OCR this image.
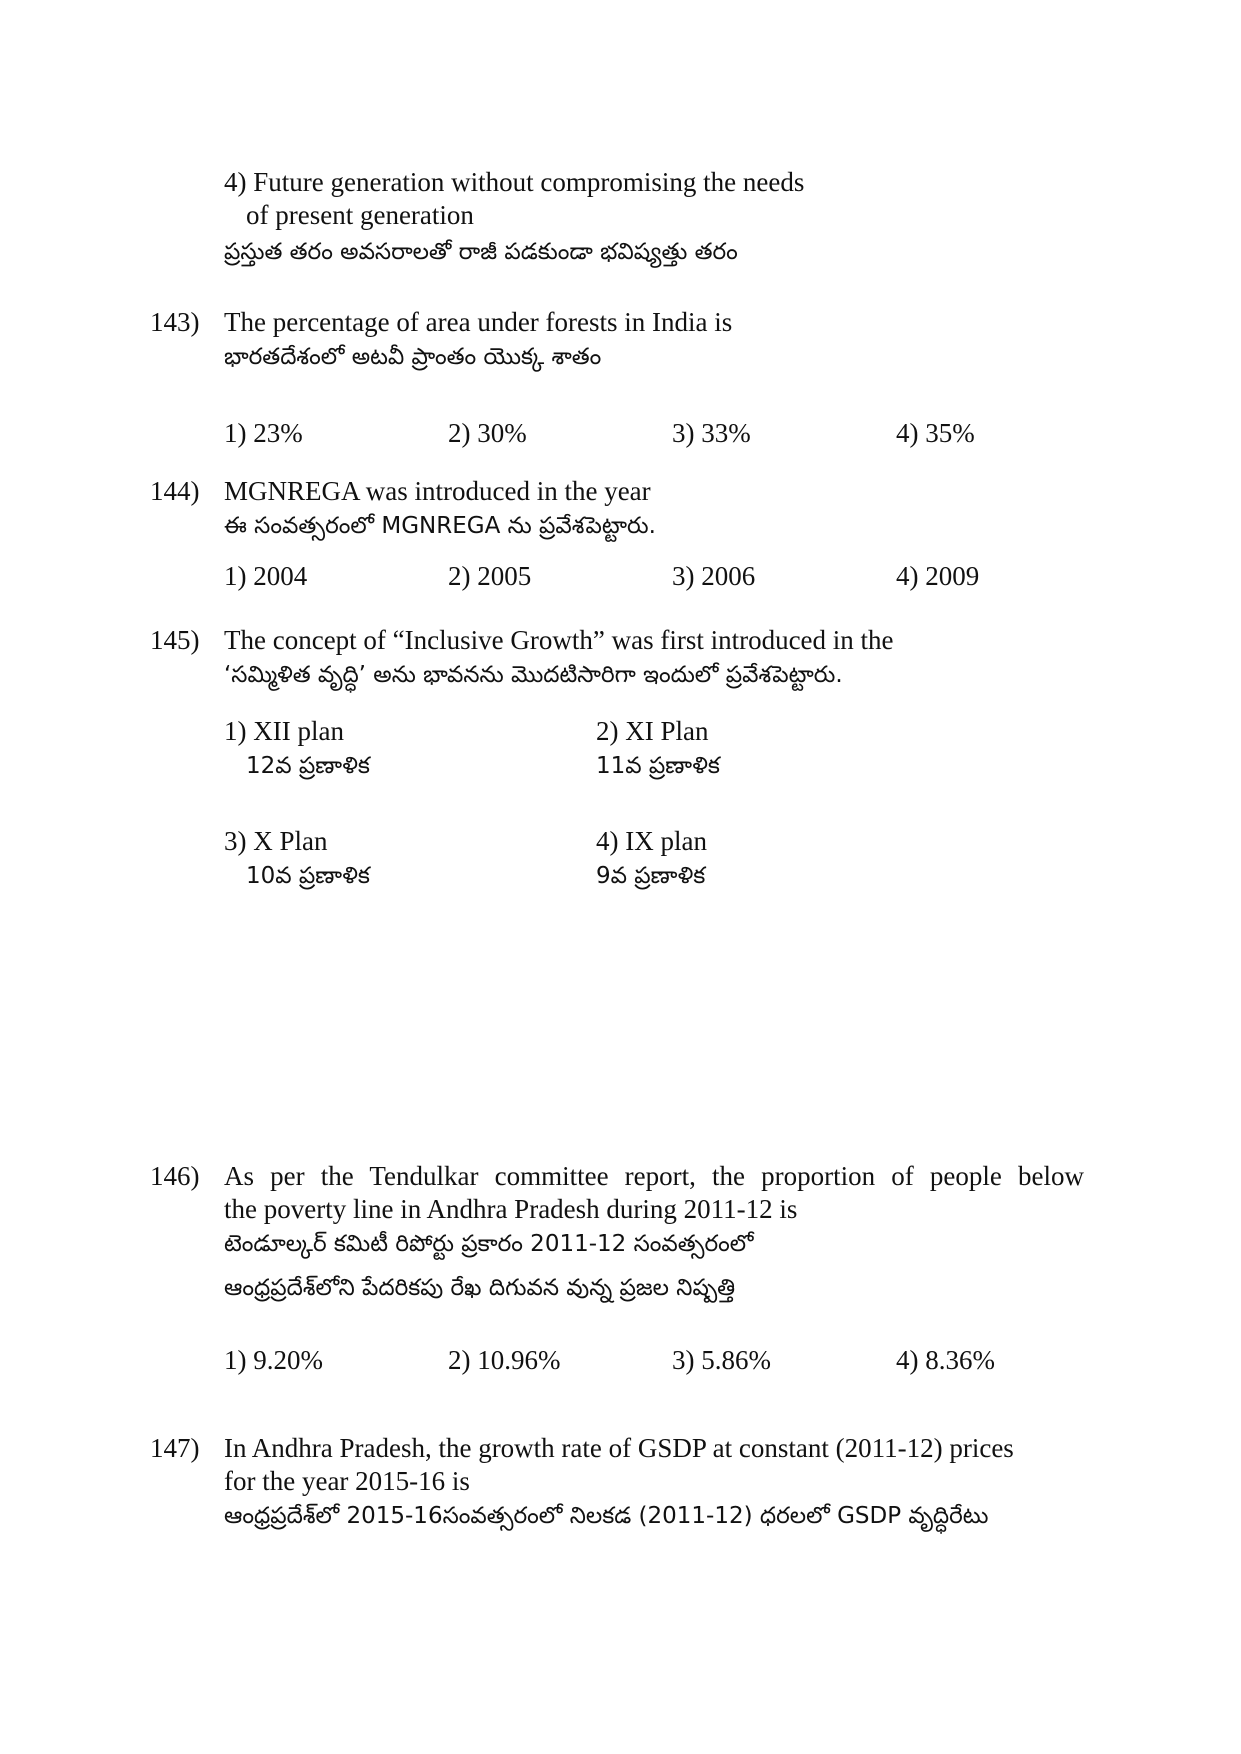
4) Future generation without compromising the needs
of present generation
ప్రస్తుత తరం అవసరాలతో రాజీ పడకుండా భవిష్యత్తు తరం
143) The percentage of area under forests in India is
భారతదేశంలో అటవీ ప్రాంతం యొక్క శాతం
1) 23%	2) 30%	3) 33%	4) 35%
144) MGNREGA was introduced in the year
ఈ సంవత్సరంలో MGNREGA ను ప్రవేశపెట్టారు.
1) 2004	2) 2005	3) 2006	4) 2009
145) The concept of “Inclusive Growth” was first introduced in the
‘సమ్మిళిత వృద్ధి’ అను భావనను మొదటిసారిగా ఇందులో ప్రవేశపెట్టారు.
1) XII plan
12వ ప్రణాళిక
2) XI Plan
11వ ప్రణాళిక
3) X Plan
10వ ప్రణాళిక
4) IX plan
9వ ప్రణాళిక
146) As per the Tendulkar committee report, the proportion of people below
the poverty line in Andhra Pradesh during 2011-12 is
టెండూల్కర్ కమిటీ రిపోర్టు ప్రకారం 2011-12 సంవత్సరంలో
ఆంధ్రప్రదేశ్‌లోని పేదరికపు రేఖ దిగువన వున్న ప్రజల నిష్పత్తి
1) 9.20%	2) 10.96%	3) 5.86%	4) 8.36%
147) In Andhra Pradesh, the growth rate of GSDP at constant (2011-12) prices
for the year 2015-16 is
ఆంధ్రప్రదేశ్‌లో 2015-16సంవత్సరంలో నిలకడ (2011-12) ధరలలో GSDP వృద్ధిరేటు
